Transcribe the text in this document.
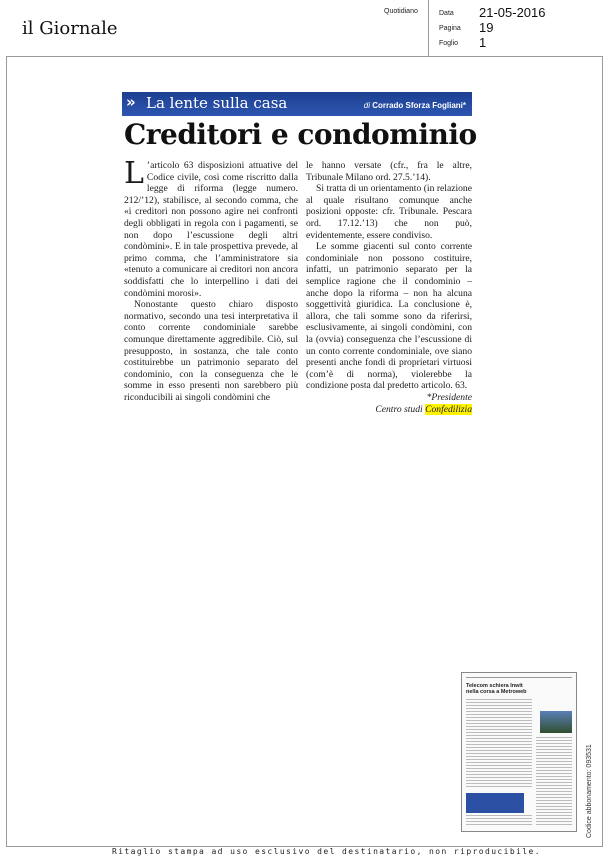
il Giornale
Quotidiano	Data	21-05-2016
Pagina	19
Foglio	1
» La lente sulla casa	di Corrado Sforza Fogliani*
Creditori e condominio

L ’articolo 63 disposizioni attuative del Codice civile, così come riscritto dalla legge di riforma (legge numero. 212/’12), stabilisce, al secondo comma, che «i creditori non possono agire nei confronti degli obbligati in regola con i pagamenti, se non dopo l’escussione degli altri condòmini». E in tale prospettiva prevede, al primo comma, che l’amministratore sia «tenuto a comunicare ai creditori non ancora soddisfatti che lo interpellino i dati dei condòmini morosi».

Nonostante questo chiaro disposto normativo, secondo una tesi interpretativa il conto corrente condominiale sarebbe comunque direttamente aggredibile. Ciò, sul presupposto, in sostanza, che tale conto costituirebbe un patrimonio separato del condominio, con la conseguenza che le somme in esso presenti non sarebbero più riconducibili ai singoli condòmini che

le hanno versate (cfr., fra le altre, Tribunale Milano ord. 27.5.’14).

Si tratta di un orientamento (in relazione al quale risultano comunque anche posizioni opposte: cfr. Tribunale. Pescara ord. 17.12.’13) che non può, evidentemente, essere condiviso.

Le somme giacenti sul conto corrente condominiale non possono costituire, infatti, un patrimonio separato per la semplice ragione che il condominio – anche dopo la riforma – non ha alcuna soggettività giuridica. La conclusione è, allora, che tali somme sono da riferirsi, esclusivamente, ai singoli condòmini, con la (ovvia) conseguenza che l’escussione di un conto corrente condominiale, ove siano presenti anche fondi di proprietari virtuosi (com’è di norma), violerebbe la condizione posta dal predetto articolo. 63.

*Presidente
Centro studi Confedilizia
Telecom schiera Inwit nella corsa a Metroweb
Codice abbonamento: 093531
Ritaglio stampa ad uso esclusivo del destinatario, non riproducibile.
